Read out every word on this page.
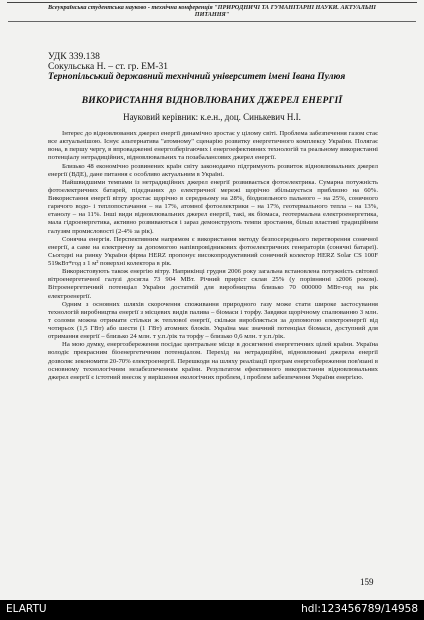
Всеукраїнська студентська науково - технічна конференція "ПРИРОДНИЧІ ТА ГУМАНІТАРНІ НАУКИ. АКТУАЛЬНІ ПИТАННЯ"
УДК 339.138
Сокульська Н. – ст. гр. ЕМ-31
Тернопільський державний технічний університет імені Івана Пулюя
ВИКОРИСТАННЯ ВІДНОВЛЮВАНИХ ДЖЕРЕЛ ЕНЕРГІЇ
Науковий керівник: к.е.н., доц. Синькевич Н.І.

Інтерес до відновлюваних джерел енергії динамічно зростає у цілому світі. Проблема забезпечення газом стає все актуальнішою. Існує альтернатива "атомному" сценарію розвитку енергетичного комплексу України. Полягає вона, в першу чергу, в впровадженні енергозберігаючих і енергоефективних технологій та реальному використанні потенціалу нетрадиційних, відновлювальних та позабалансових джерел енергії.

Близько 48 економічно розвинених країн світу законодавчо підтримують розвиток відновлювальних джерел енергії (ВДЕ), дане питання є особливо актуальним в Україні.

Найшвидшими темпами із нетрадиційних джерел енергії розвивається фотоелектрика. Сумарна потужність фотоелектричних батарей, підєднаних до електричної мережі щорічно збільшується приблизно на 60%. Використання енергії вітру зростає щорічно в середньому на 28%, біодизельного пального – на 25%, сонячного гарячого водо- і теплопостачання – на 17%, атомної фотоелектрики – на 17%, геотермального тепла – на 13%, етанолу – на 11%. Інші види відновлювальних джерел енергії, такі, як біомаса, геотермальна електроенергетика, мала гідроенергетика, активно розвиваються і зараз демонструють темпи зростання, більш властиві традиційним галузям промисловості (2-4% за рік).

Сонячна енергія. Перспективним напрямом є використання методу безпосереднього перетворення сонячної енергії, а саме на електричну за допомогою напівпровідникових фотоелектричних генераторів (сонячні батареї). Сьогодні на ринку України фірма HERZ пропонує високопродуктивний сонячний колектор HERZ Solar CS 100F 519кВт*год з 1 м² поверхні колектора в рік.

Використовують також енергію вітру. Наприкінці грудня 2006 року загальна встановлена потужність світової вітроенергетичної галузі досягла 73 904 МВт. Річний приріст склав 25% (у порівнянні з2006 роком). Вітроенергетичний потенціал України достатній для виробництва близько 70 000000 МВт-год на рік електроенергії.

Одним з основних шляхів скорочення споживання природного газу може стати широке застосування технологій виробництва енергії з місцевих видів палива – біомаси і торфу. Завдяки щорічному спалюванню 3 млн. т соломи можна отримати стільки ж теплової енергії, скільки виробляється за допомогою електроенергії від чотирьох (1,5 ГВт) або шести (1 ГВт) атомних блоків. Україна має значний потенціал біомаси, доступний для отримання енергії – близько 24 млн. т у.п./рік та торфу – близько 0,6 млн. т у.п./рік.

На мою думку, енергозбереження посідає центральне місце в досягненні енергетичних цілей країни. Україна володіє прекрасним біоенергетичним потенціалом. Перехід на нетрадиційні, відновлювані джерела енергії дозволяє зекономити 20-70% електроенергії. Перешкоди на шляху реалізації програм енергозбереження пов'язані в основному технологічним незабезпеченням країни. Результатом ефективного використання відновлювальних джерел енергії є істотний внесок у вирішення екологічних проблем, і проблем забезпечення України енергією.

159
ELARTU	hdl:123456789/14958
